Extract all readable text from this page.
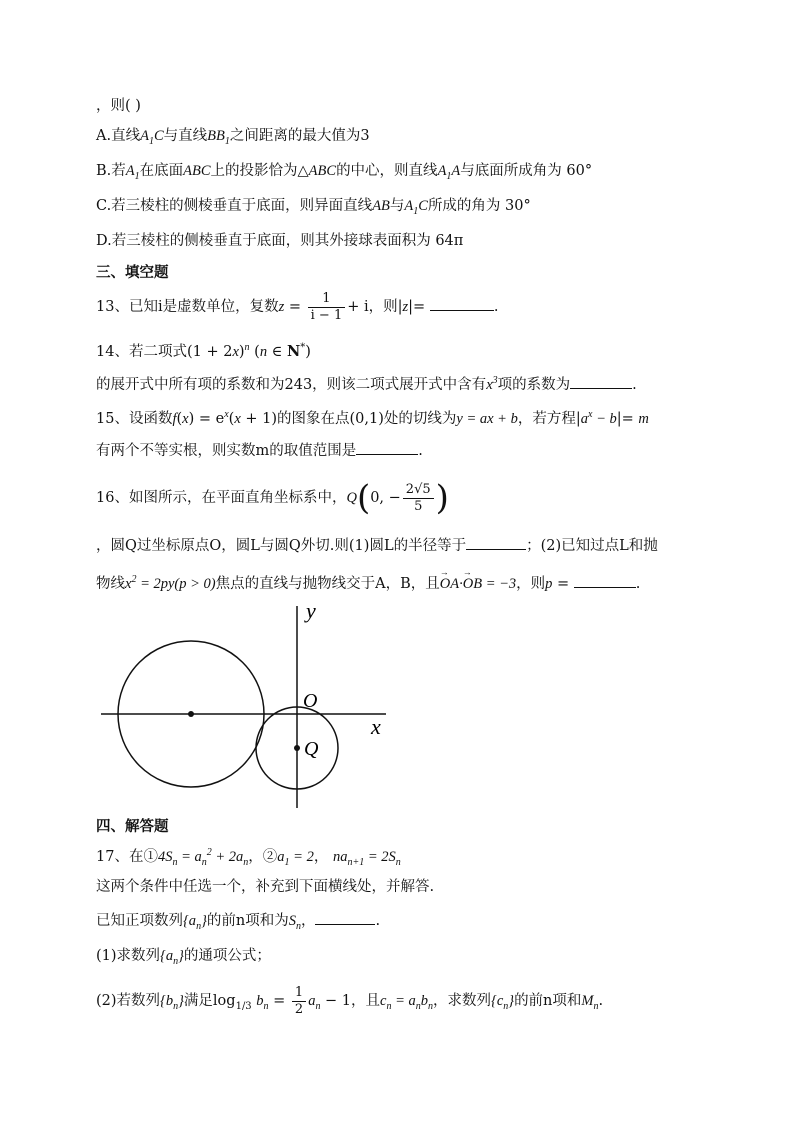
，则( )
A.直线$A_1C$与直线$BB_1$之间距离的最大值为3
B.若$A_1$在底面ABC上的投影恰为△ABC的中心，则直线$A_1A$与底面所成角为 60°
C.若三棱柱的侧棱垂直于底面，则异面直线AB与$A_1C$所成的角为 30°
D.若三棱柱的侧棱垂直于底面，则其外接球表面积为 64π
三、填空题
13、已知i是虚数单位，复数$z = \frac{1}{i - 1} + i$，则|z|=	.
14、若二项式$(1 + 2x)^n$ (n ∈ N*)
的展开式中所有项的系数和为243，则该二项式展开式中含有$x^3$项的系数为	.
15、设函数$f(x) = e^x(x + 1)$的图象在点(0,1)处的切线为y = ax + b，若方程$|a^x - b|= m$
有两个不等实根，则实数m的取值范围是	.
16、如图所示，在平面直角坐标系中，Q(0, − $\frac{2√5}{5}$ )
，圆Q过坐标原点O，圆L与圆Q外切.则(1)圆L的半径等于	；(2)已知过点L和抛
物线$x^2 = 2py(p > 0)$焦点的直线与抛物线交于A，B，且→ OA·→ OB = −3，则p =	.
y
x
O
Q
四、解答题
17、在$①4S_n = a_n^2 + 2a_n$，$②a_1 = 2$， $na_{n+1} = 2S_n$
这两个条件中任选一个，补充到下面横线处，并解答.
已知正项数列$\{a_n\}$的前n项和为$S_n$，	.
(1)求数列$\{a_n\}$的通项公式；
(2)若数列$\{b_n\}$满足$\log_{1/3} b_n = \frac{1}{2} a_n - 1$，且$c_n = a_nb_n$，求数列$\{c_n\}$的前n项和$M_n$.
